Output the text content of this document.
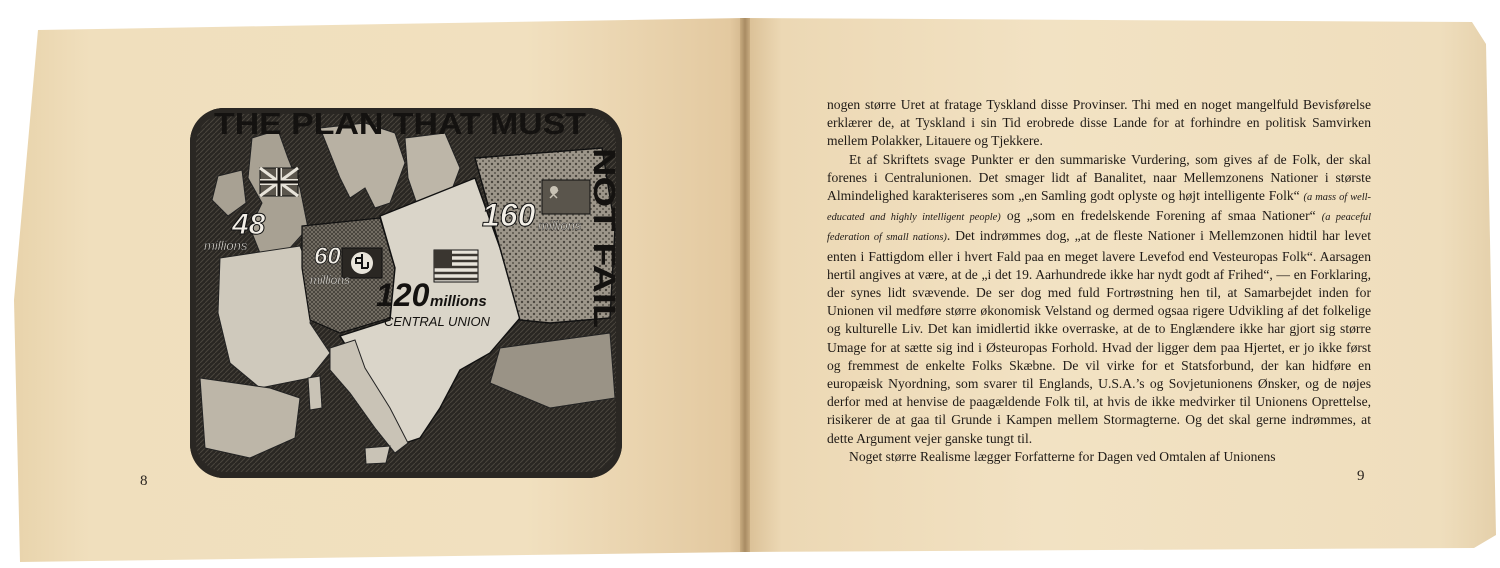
THE PLAN THAT MUST
NOT FAIL
48
millions	60
millions 120 millions
CENTRAL UNION
160 millions
8

nogen større Uret at fratage Tyskland disse Provinser. Thi med en noget mangelfuld Bevisførelse erklærer de, at Tyskland i sin Tid erobrede disse Lande for at forhindre en politisk Samvirken mellem Polakker, Litauere og Tjekkere.

Et af Skriftets svage Punkter er den summariske Vurdering, som gives af de Folk, der skal forenes i Centralunionen. Det smager lidt af Banalitet, naar Mellemzonens Nationer i største Almindelighed karakteriseres som „en Samling godt oplyste og højt intelligente Folk“ (a mass of well-educated and highly intelligent people) og „som en fredelskende Forening af smaa Nationer“ (a peaceful federation of small nations). Det indrømmes dog, „at de fleste Nationer i Mellemzonen hidtil har levet enten i Fattigdom eller i hvert Fald paa en meget lavere Levefod end Vesteuropas Folk“. Aarsagen hertil angives at være, at de „i det 19. Aarhundrede ikke har nydt godt af Frihed“, — en Forklaring, der synes lidt svævende. De ser dog med fuld Fortrøstning hen til, at Samarbejdet inden for Unionen vil medføre større økonomisk Velstand og dermed ogsaa rigere Udvikling af det folkelige og kulturelle Liv. Det kan imidlertid ikke overraske, at de to Englændere ikke har gjort sig større Umage for at sætte sig ind i Østeuropas Forhold. Hvad der ligger dem paa Hjertet, er jo ikke først og fremmest de enkelte Folks Skæbne. De vil virke for et Statsforbund, der kan hidføre en europæisk Nyordning, som svarer til Englands, U.S.A.’s og Sovjetunionens Ønsker, og de nøjes derfor med at henvise de paagældende Folk til, at hvis de ikke medvirker til Unionens Oprettelse, risikerer de at gaa til Grunde i Kampen mellem Stormagterne. Og det skal gerne indrømmes, at dette Argument vejer ganske tungt til.

Noget større Realisme lægger Forfatterne for Dagen ved Omtalen af Unionens

9
